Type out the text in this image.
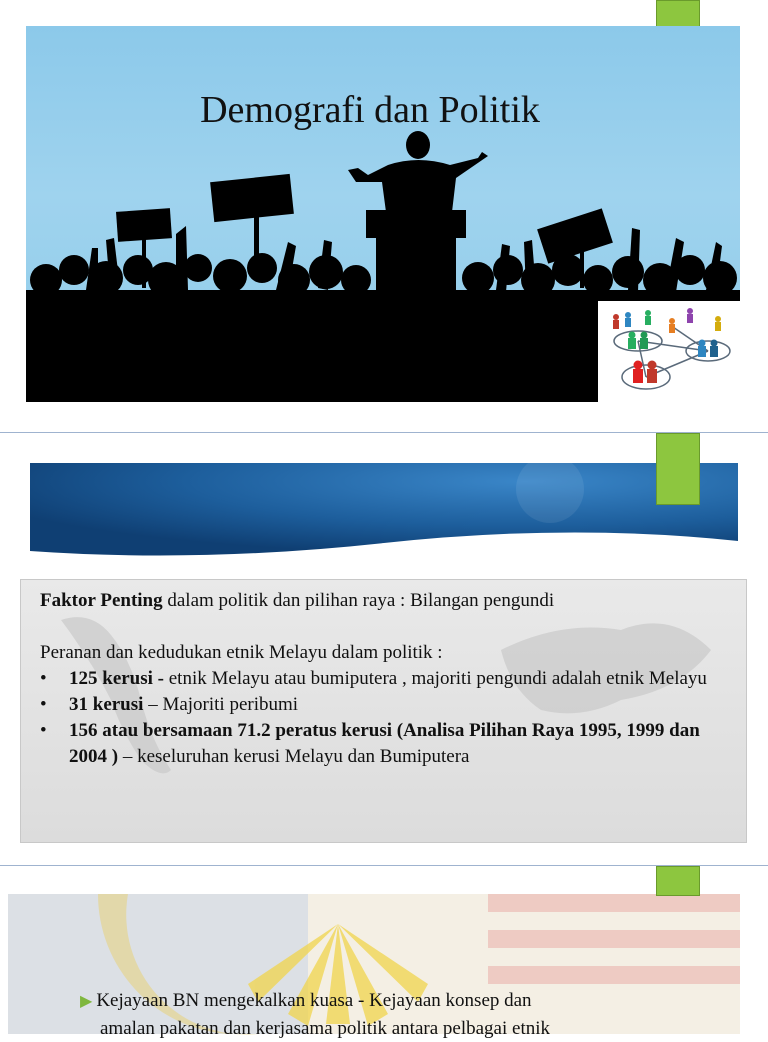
Demografi dan Politik

Faktor Penting dalam politik dan pilihan raya : Bilangan pengundi

Peranan dan kedudukan etnik Melayu dalam politik :

• 125 kerusi - etnik Melayu atau bumiputera , majoriti pengundi adalah etnik Melayu
• 31 kerusi – Majoriti peribumi
• 156 atau bersamaan 71.2 peratus kerusi (Analisa Pilihan Raya 1995, 1999 dan 2004 ) – keseluruhan kerusi Melayu dan Bumiputera
▶ Kejayaan BN mengekalkan kuasa - Kejayaan konsep dan
amalan pakatan dan kerjasama politik antara pelbagai etnik
